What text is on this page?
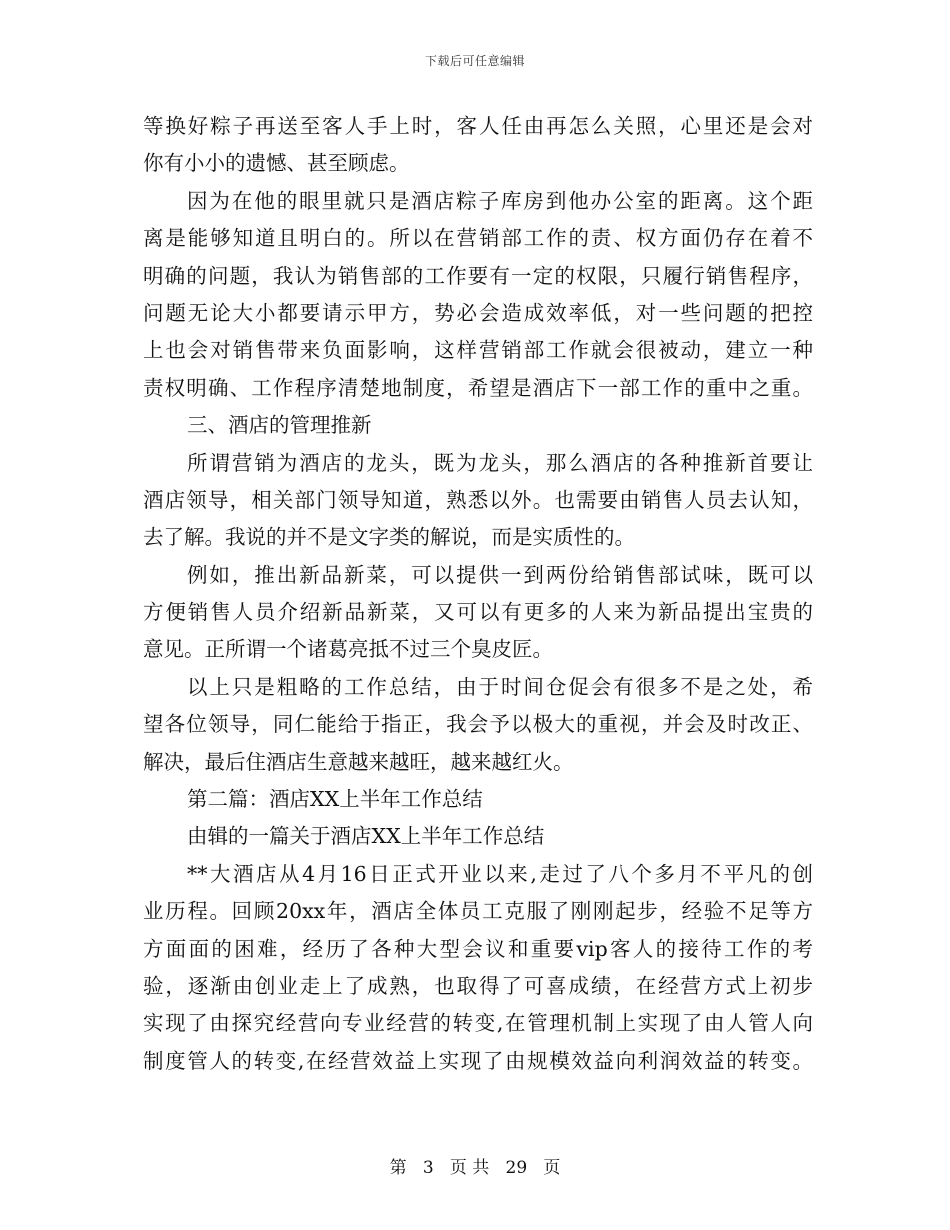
下载后可任意编辑
等换好粽子再送至客人手上时，客人任由再怎么关照，心里还是会对
你有小小的遗憾、甚至顾虑。
因为在他的眼里就只是酒店粽子库房到他办公室的距离。这个距
离是能够知道且明白的。所以在营销部工作的责、权方面仍存在着不
明确的问题，我认为销售部的工作要有一定的权限，只履行销售程序，
问题无论大小都要请示甲方，势必会造成效率低，对一些问题的把控
上也会对销售带来负面影响，这样营销部工作就会很被动，建立一种
责权明确、工作程序清楚地制度，希望是酒店下一部工作的重中之重。
三、酒店的管理推新
所谓营销为酒店的龙头，既为龙头，那么酒店的各种推新首要让
酒店领导，相关部门领导知道，熟悉以外。也需要由销售人员去认知，
去了解。我说的并不是文字类的解说，而是实质性的。
例如，推出新品新菜，可以提供一到两份给销售部试味，既可以
方便销售人员介绍新品新菜，又可以有更多的人来为新品提出宝贵的
意见。正所谓一个诸葛亮抵不过三个臭皮匠。
以上只是粗略的工作总结，由于时间仓促会有很多不是之处，希
望各位领导，同仁能给于指正，我会予以极大的重视，并会及时改正、
解决，最后住酒店生意越来越旺，越来越红火。
第二篇：酒店XX上半年工作总结
由辑的一篇关于酒店XX上半年工作总结
**大酒店从4月16日正式开业以来,走过了八个多月不平凡的创
业历程。回顾20xx年，酒店全体员工克服了刚刚起步，经验不足等方
方面面的困难，经历了各种大型会议和重要vip客人的接待工作的考
验，逐渐由创业走上了成熟，也取得了可喜成绩，在经营方式上初步
实现了由探究经营向专业经营的转变,在管理机制上实现了由人管人向
制度管人的转变,在经营效益上实现了由规模效益向利润效益的转变。
第 3 页 共 29 页
